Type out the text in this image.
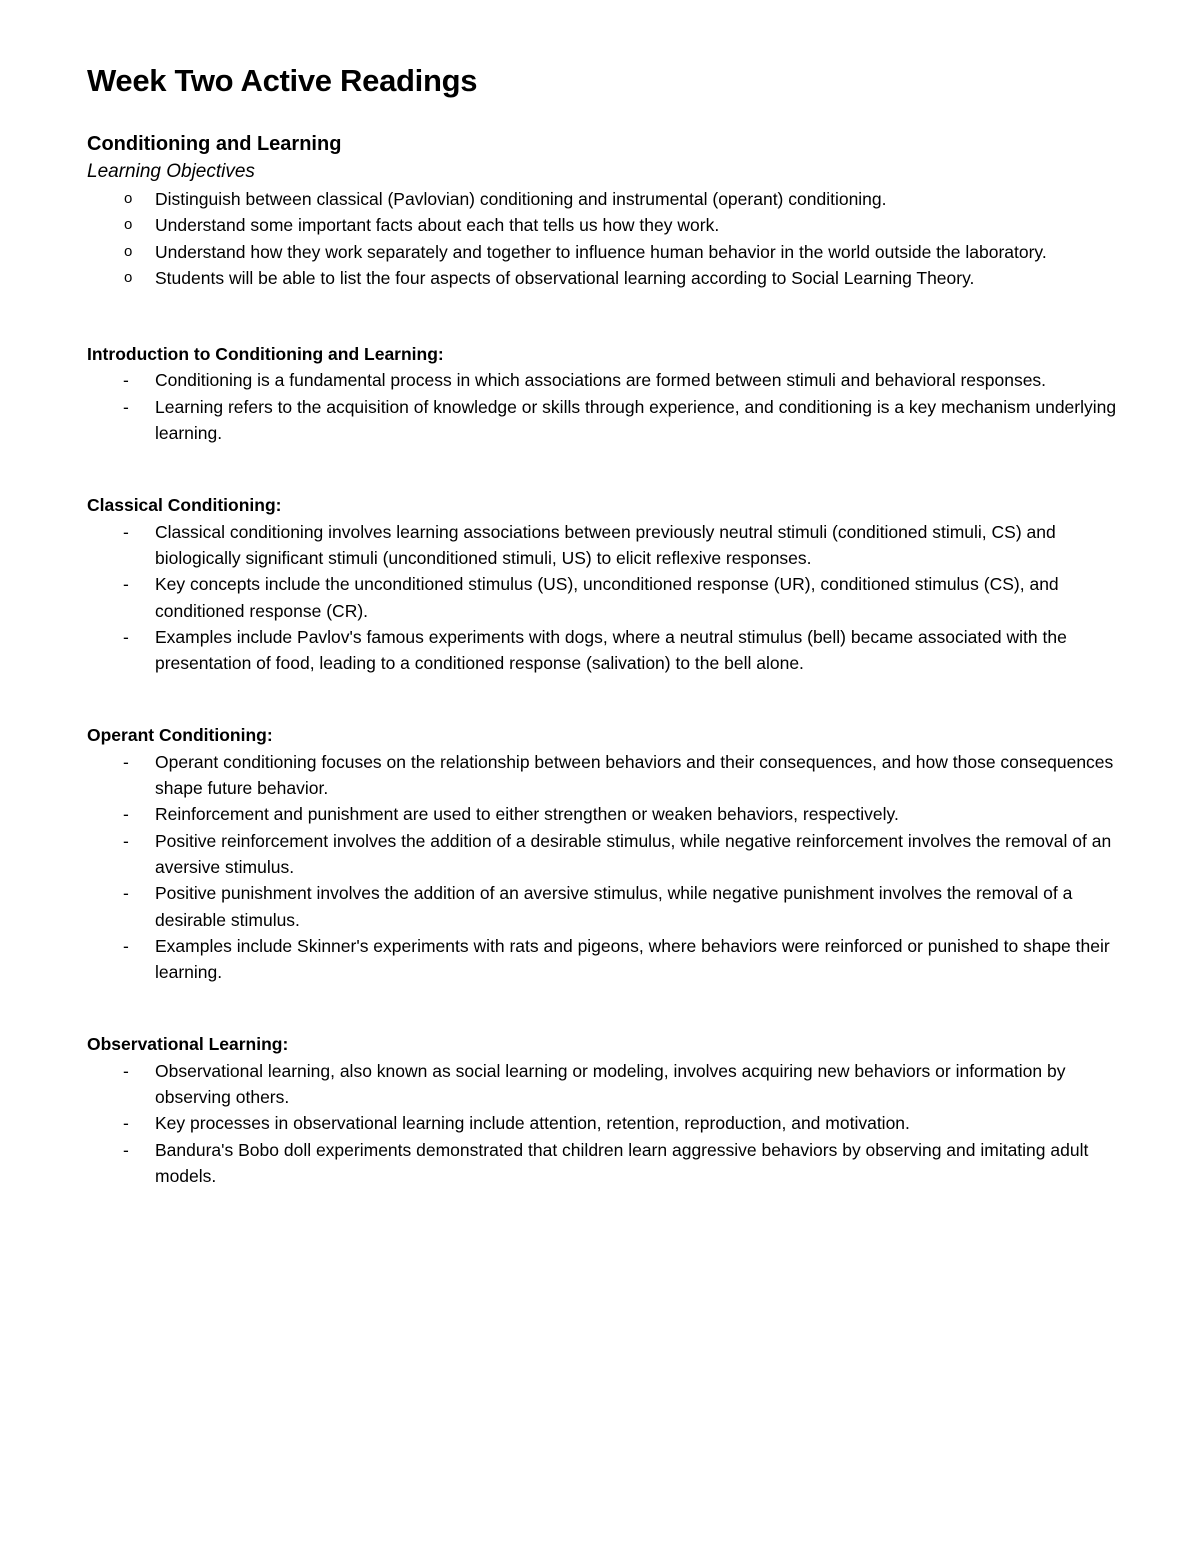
Week Two Active Readings
Conditioning and Learning
Learning Objectives
o	Distinguish between classical (Pavlovian) conditioning and instrumental (operant) conditioning.
o	Understand some important facts about each that tells us how they work.
o	Understand how they work separately and together to influence human behavior in the world outside the laboratory.
o	Students will be able to list the four aspects of observational learning according to Social Learning Theory.
Introduction to Conditioning and Learning:
-	Conditioning is a fundamental process in which associations are formed between stimuli and behavioral responses.
-	Learning refers to the acquisition of knowledge or skills through experience, and conditioning is a key mechanism underlying learning.
Classical Conditioning:
-	Classical conditioning involves learning associations between previously neutral stimuli (conditioned stimuli, CS) and biologically significant stimuli (unconditioned stimuli, US) to elicit reflexive responses.
-	Key concepts include the unconditioned stimulus (US), unconditioned response (UR), conditioned stimulus (CS), and conditioned response (CR).
-	Examples include Pavlov's famous experiments with dogs, where a neutral stimulus (bell) became associated with the presentation of food, leading to a conditioned response (salivation) to the bell alone.
Operant Conditioning:
-	Operant conditioning focuses on the relationship between behaviors and their consequences, and how those consequences shape future behavior.
-	Reinforcement and punishment are used to either strengthen or weaken behaviors, respectively.
-	Positive reinforcement involves the addition of a desirable stimulus, while negative reinforcement involves the removal of an aversive stimulus.
-	Positive punishment involves the addition of an aversive stimulus, while negative punishment involves the removal of a desirable stimulus.
-	Examples include Skinner's experiments with rats and pigeons, where behaviors were reinforced or punished to shape their learning.
Observational Learning:
-	Observational learning, also known as social learning or modeling, involves acquiring new behaviors or information by observing others.
-	Key processes in observational learning include attention, retention, reproduction, and motivation.
-	Bandura's Bobo doll experiments demonstrated that children learn aggressive behaviors by observing and imitating adult models.
